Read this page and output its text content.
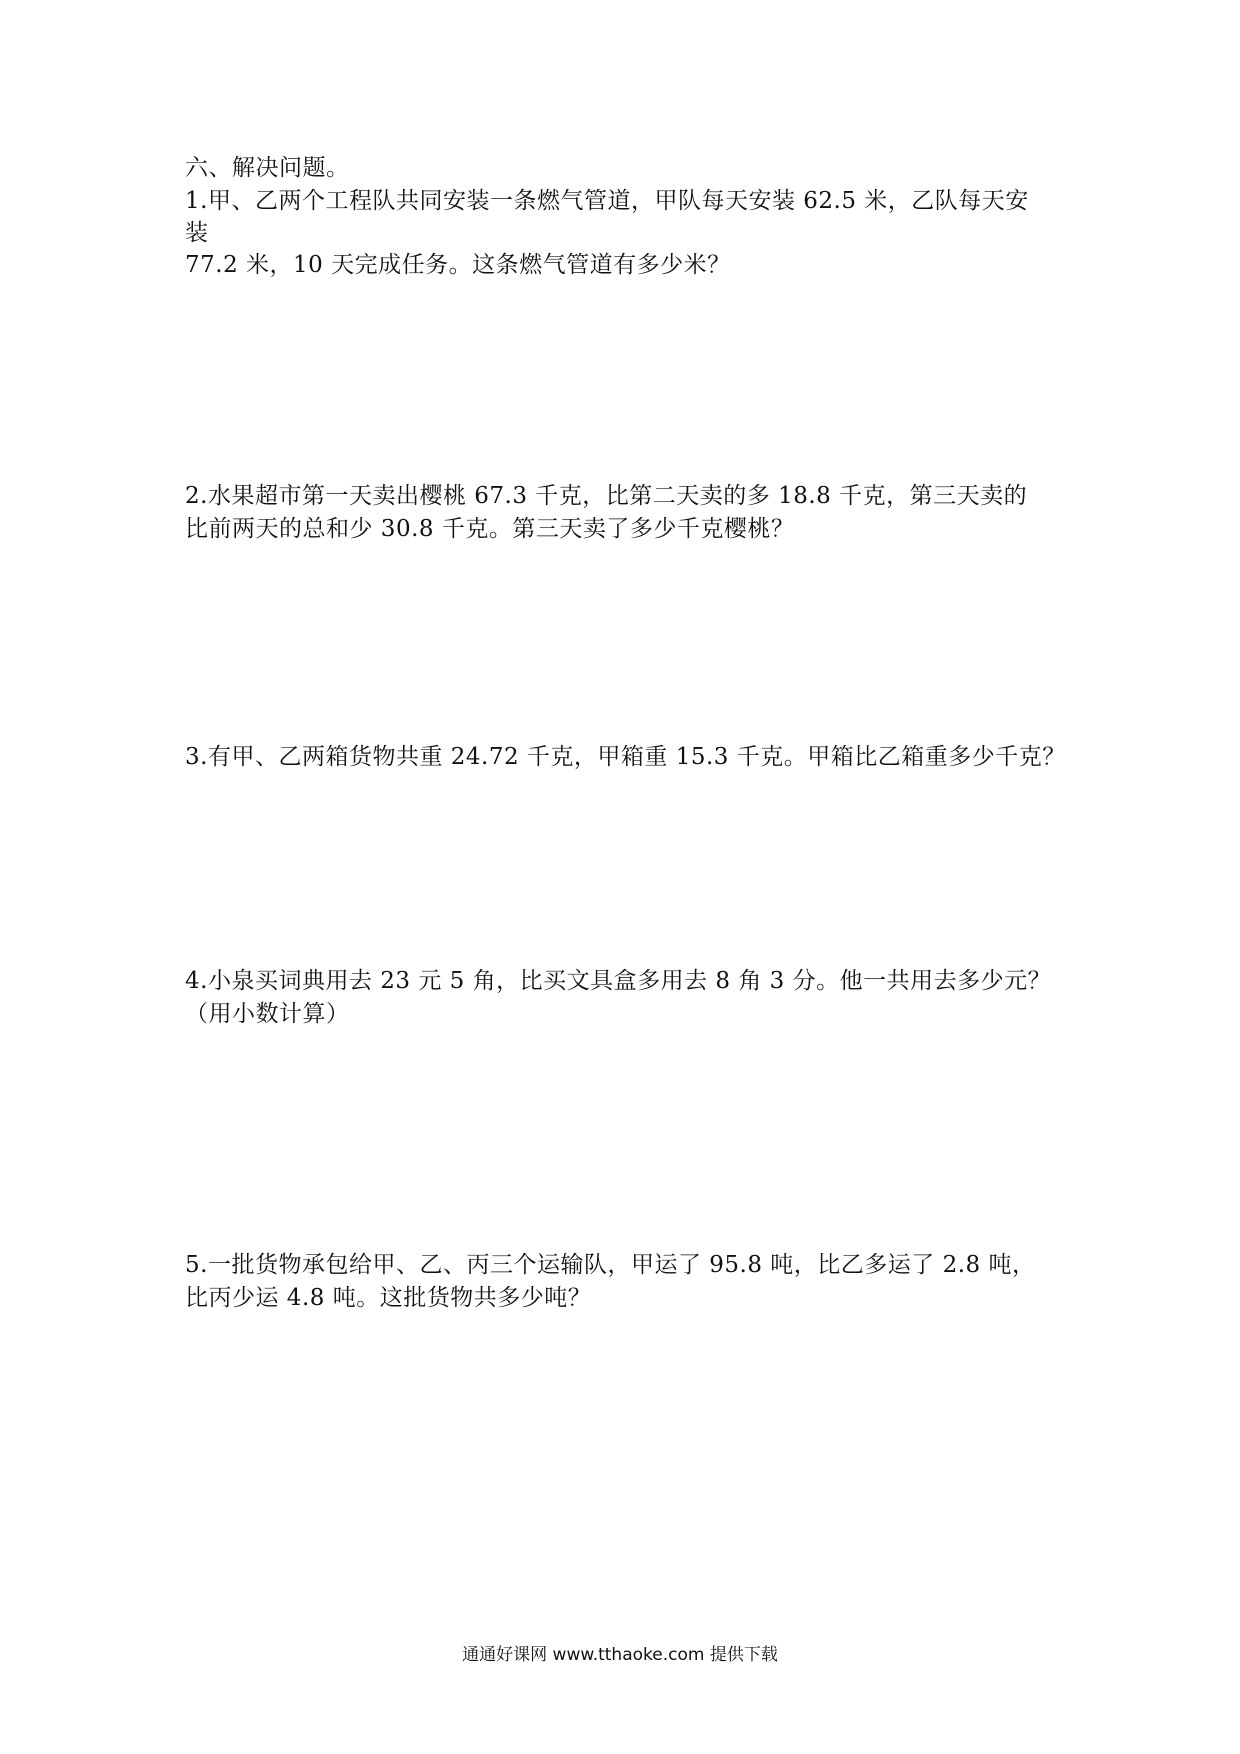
六、解决问题。
1.甲、乙两个工程队共同安装一条燃气管道，甲队每天安装 62.5 米，乙队每天安
装
77.2 米，10 天完成任务。这条燃气管道有多少米？
2.水果超市第一天卖出樱桃 67.3 千克，比第二天卖的多 18.8 千克，第三天卖的
比前两天的总和少 30.8 千克。第三天卖了多少千克樱桃？
3.有甲、乙两箱货物共重 24.72 千克，甲箱重 15.3 千克。甲箱比乙箱重多少千克？
4.小泉买词典用去 23 元 5 角，比买文具盒多用去 8 角 3 分。他一共用去多少元？
（用小数计算）
5.一批货物承包给甲、乙、丙三个运输队，甲运了 95.8 吨，比乙多运了 2.8 吨，
比丙少运 4.8 吨。这批货物共多少吨？
通通好课网 www.tthaoke.com 提供下载
